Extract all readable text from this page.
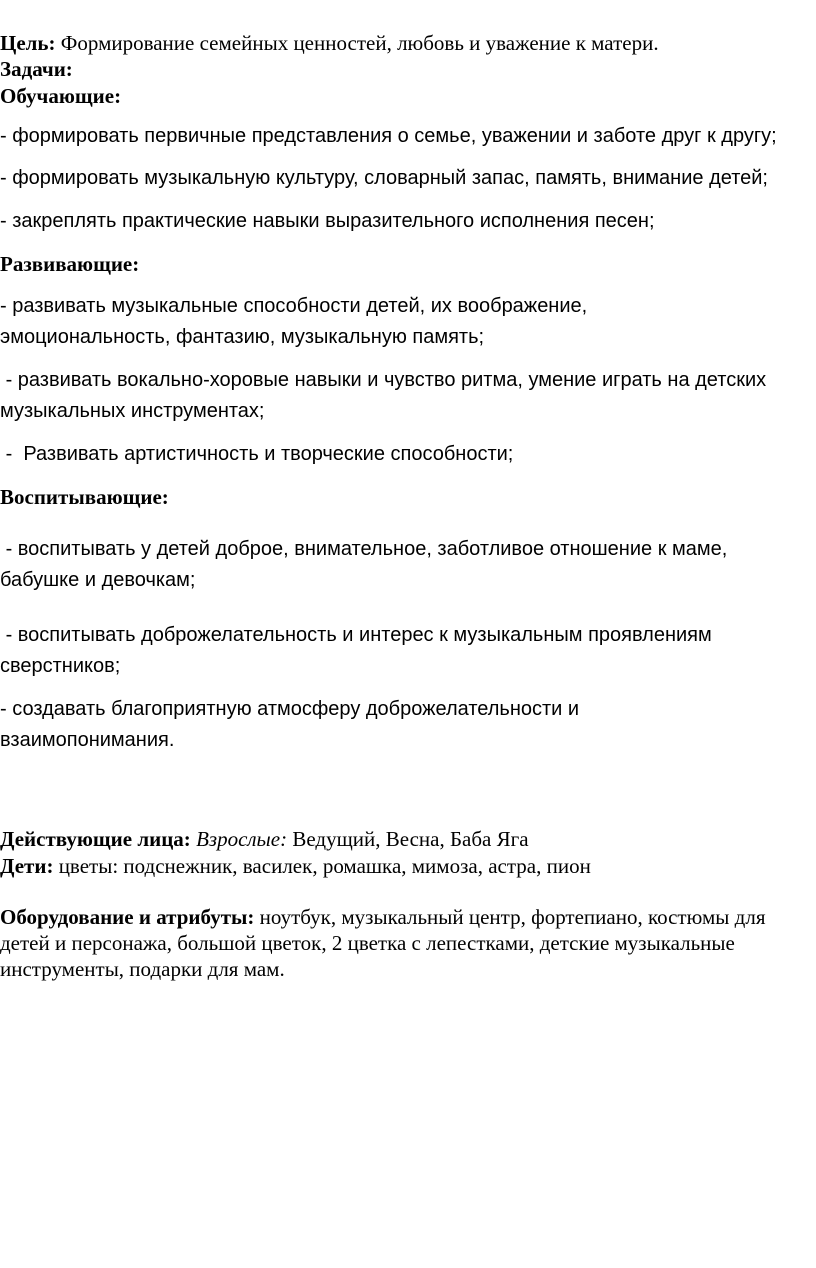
Цель: Формирование семейных ценностей, любовь и уважение к матери.

Задачи:

Обучающие:

- формировать первичные представления о семье, уважении и заботе друг к другу;

- формировать музыкальную культуру, словарный запас, память, внимание детей;

- закреплять практические навыки выразительного исполнения песен;

Развивающие:

- развивать музыкальные способности детей, их воображение, эмоциональность, фантазию, музыкальную память;

- развивать вокально-хоровые навыки и чувство ритма, умение играть на детских музыкальных инструментах;

-  Развивать артистичность и творческие способности;

Воспитывающие:

- воспитывать у детей доброе, внимательное, заботливое отношение к маме, бабушке и девочкам;

- воспитывать доброжелательность и интерес к музыкальным проявлениям сверстников;

- создавать благоприятную атмосферу доброжелательности и взаимопонимания.

Действующие лица: Взрослые: Ведущий, Весна, Баба Яга

Дети: цветы: подснежник, василек, ромашка, мимоза, астра, пион

Оборудование и атрибуты: ноутбук, музыкальный центр, фортепиано, костюмы для детей и персонажа, большой цветок, 2 цветка с лепестками, детские музыкальные инструменты, подарки для мам.
